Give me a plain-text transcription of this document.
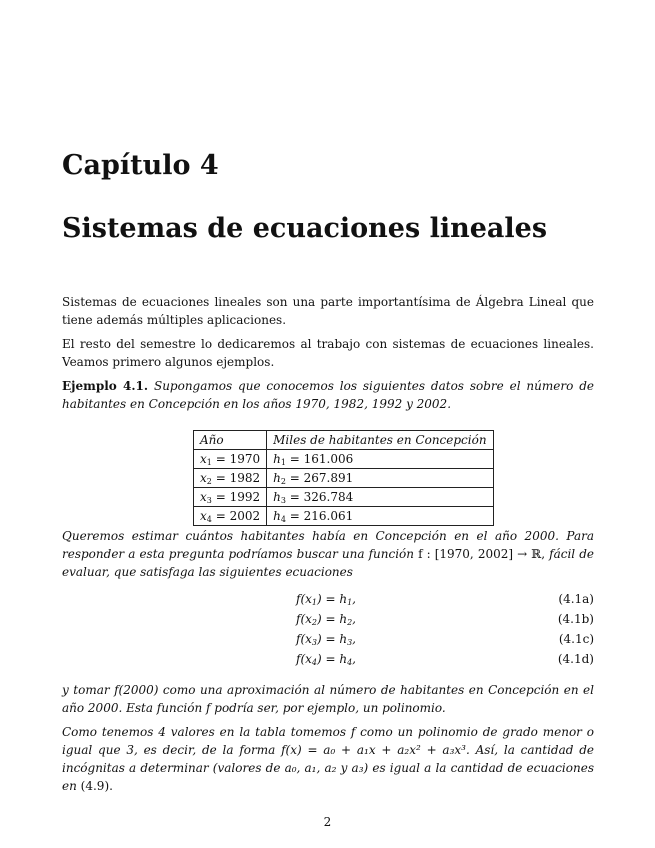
Capítulo 4
Sistemas de ecuaciones lineales

Sistemas de ecuaciones lineales son una parte importantísima de Álgebra Lineal que tiene además múltiples aplicaciones.

El resto del semestre lo dedicaremos al trabajo con sistemas de ecuaciones lineales. Veamos primero algunos ejemplos.

Ejemplo 4.1. Supongamos que conocemos los siguientes datos sobre el número de habitantes en Concepción en los años 1970, 1982, 1992 y 2002.

Año	Miles de habitantes en Concepción
$x_1 = 1970$	$h_1 = 161.006$
$x_2 = 1982$	$h_2 = 267.891$
$x_3 = 1992$	$h_3 = 326.784$
$x_4 = 2002$	$h_4 = 216.061$

Queremos estimar cuántos habitantes había en Concepción en el año 2000. Para responder a esta pregunta podríamos buscar una función f : [1970, 2002] → ℝ, fácil de evaluar, que satisfaga las siguientes ecuaciones

$f(x_1) = h_1$,	(4.1a)
$f(x_2) = h_2$,	(4.1b)
$f(x_3) = h_3$,	(4.1c)
$f(x_4) = h_4$,	(4.1d)

y tomar f(2000) como una aproximación al número de habitantes en Concepción en el año 2000. Esta función f podría ser, por ejemplo, un polinomio.

Como tenemos 4 valores en la tabla tomemos f como un polinomio de grado menor o igual que 3, es decir, de la forma f(x) = a₀ + a₁x + a₂x² + a₃x³. Así, la cantidad de incógnitas a determinar (valores de a₀, a₁, a₂ y a₃) es igual a la cantidad de ecuaciones en (4.9).

2
